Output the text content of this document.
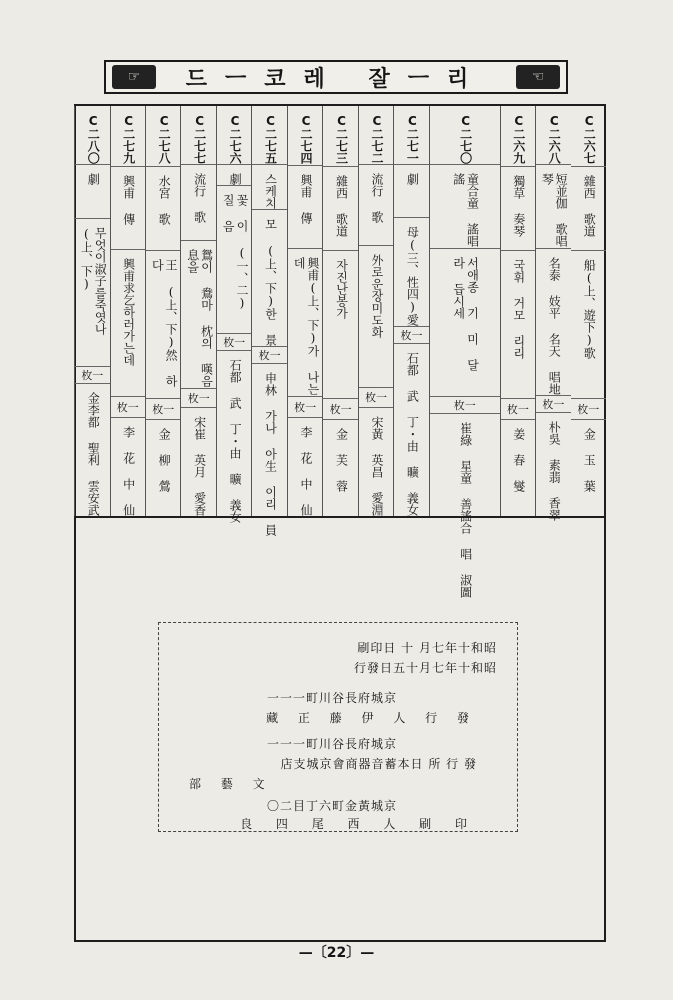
☞	드ㅡ코레 잘ㅡ리	☜
C二六七
雜西 歌道
船(上、遊下)歌
枚一
金 玉 葉
C二六八
短並伽 歌唱琴
名泰 妓平 名天 唱地
枚一
朴吳 素翡 香翠
C二六九
獨草 奏琴
국휘 거모 리리
枚一
姜 春 燮
C二七〇
童合童 謠唱謠
서애종 기 미 달 라 듭시세
枚一
崔綠 星童 善謠合 唱 淑圖
C二七一
劇
母(三、性四)愛
枚一
石都 武 丁・由 曠 義女
C二七二
流行 歌
外로운장미도화
枚一
宋黃 英昌 愛淵
C二七三
雜西 歌道
자진난봉가
枚一
金 芙 蓉
C二七四
興甫 傳
興甫(上、下)가 나는데
枚一
李 花 中 仙
C二七五
스케치
모 (上、下)한 景
枚一
申林 가나 아生 이리 員
C二七六
劇
꽃 이 (一、二) 질 음
枚一
石都 武 丁・由 曠 義女
C二七七
流行 歌
鴛이 鴦마 枕의 嘆음 息을
枚一
宋崔 英月 愛香
C二七八
水宮 歌
王 (上、下)然 하 다
枚一
金 柳 鶯
C二七九
興甫 傳
興甫求乞하러가는데
枚一
李 花 中 仙
C二八〇
劇
무엇이淑子를죽엿나 (上、下)
枚一
金李都 聖利 雲安武
刷印日 十 月七年十和昭
行發日五十月七年十和昭
一一一町川谷長府城京
藏 正 藤 伊 人 行 發
一一一町川谷長府城京
店支城京會商器音蓄本日 所 行 發
部 藝 文
〇二目丁六町金黃城京
良 四 尾 西 人 刷 印
—〔22〕—
